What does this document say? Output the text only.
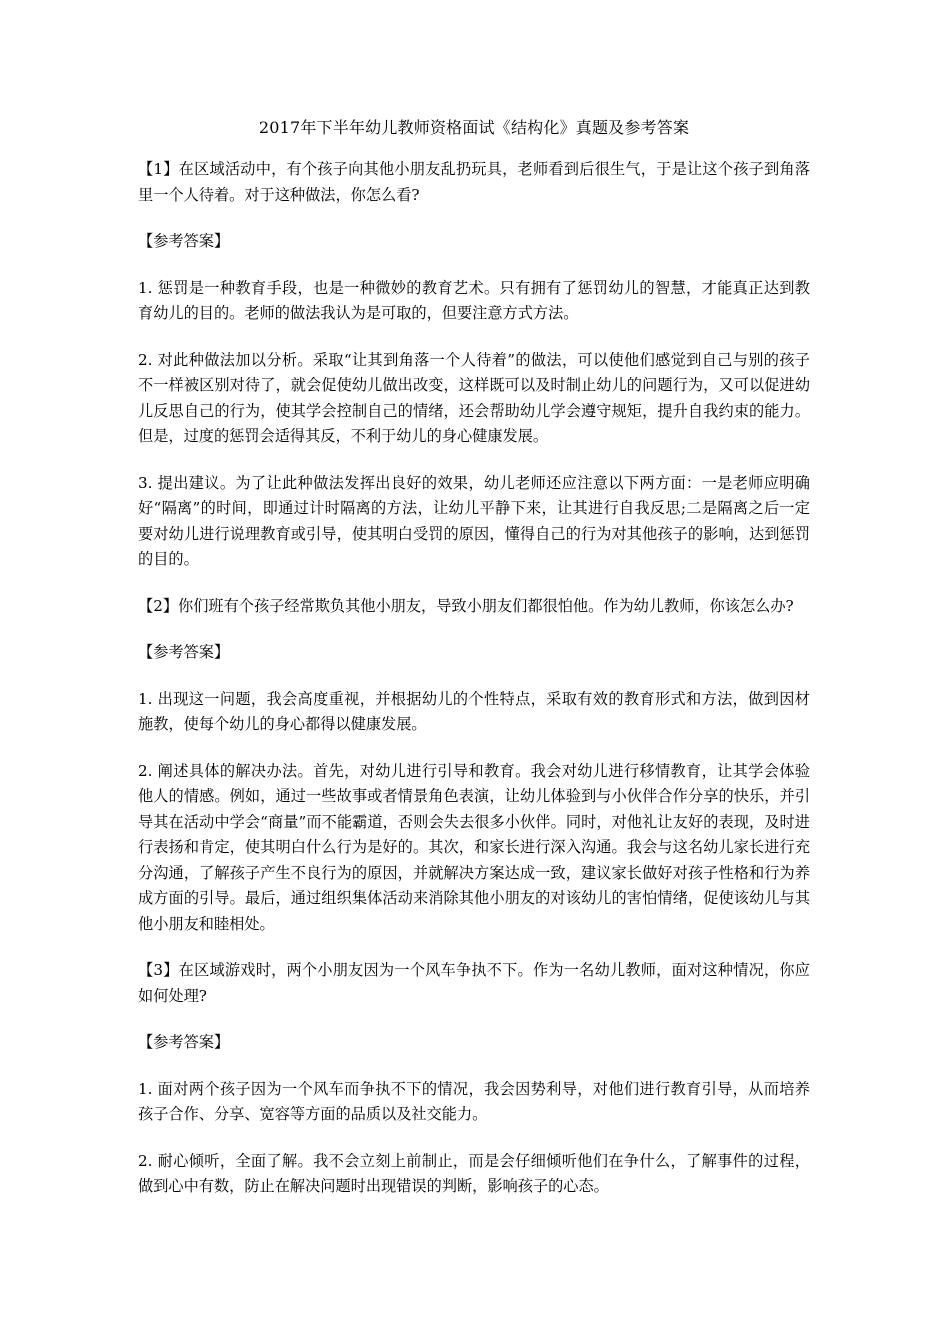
2017年下半年幼儿教师资格面试《结构化》真题及参考答案
【1】在区域活动中，有个孩子向其他小朋友乱扔玩具，老师看到后很生气，于是让这个孩子到角落里一个人待着。对于这种做法，你怎么看?
【参考答案】
1. 惩罚是一种教育手段，也是一种微妙的教育艺术。只有拥有了惩罚幼儿的智慧，才能真正达到教育幼儿的目的。老师的做法我认为是可取的，但要注意方式方法。
2. 对此种做法加以分析。采取“让其到角落一个人待着”的做法，可以使他们感觉到自己与别的孩子不一样被区别对待了，就会促使幼儿做出改变，这样既可以及时制止幼儿的问题行为，又可以促进幼儿反思自己的行为，使其学会控制自己的情绪，还会帮助幼儿学会遵守规矩，提升自我约束的能力。但是，过度的惩罚会适得其反，不利于幼儿的身心健康发展。
3. 提出建议。为了让此种做法发挥出良好的效果，幼儿老师还应注意以下两方面：一是老师应明确好“隔离”的时间，即通过计时隔离的方法，让幼儿平静下来，让其进行自我反思;二是隔离之后一定要对幼儿进行说理教育或引导，使其明白受罚的原因，懂得自己的行为对其他孩子的影响，达到惩罚的目的。
【2】你们班有个孩子经常欺负其他小朋友，导致小朋友们都很怕他。作为幼儿教师，你该怎么办?
【参考答案】
1. 出现这一问题，我会高度重视，并根据幼儿的个性特点，采取有效的教育形式和方法，做到因材施教，使每个幼儿的身心都得以健康发展。
2. 阐述具体的解决办法。首先，对幼儿进行引导和教育。我会对幼儿进行移情教育，让其学会体验他人的情感。例如，通过一些故事或者情景角色表演，让幼儿体验到与小伙伴合作分享的快乐，并引导其在活动中学会“商量”而不能霸道，否则会失去很多小伙伴。同时，对他礼让友好的表现，及时进行表扬和肯定，使其明白什么行为是好的。其次，和家长进行深入沟通。我会与这名幼儿家长进行充分沟通，了解孩子产生不良行为的原因，并就解决方案达成一致，建议家长做好对孩子性格和行为养成方面的引导。最后，通过组织集体活动来消除其他小朋友的对该幼儿的害怕情绪，促使该幼儿与其他小朋友和睦相处。
【3】在区域游戏时，两个小朋友因为一个风车争执不下。作为一名幼儿教师，面对这种情况，你应如何处理?
【参考答案】
1. 面对两个孩子因为一个风车而争执不下的情况，我会因势利导，对他们进行教育引导，从而培养孩子合作、分享、宽容等方面的品质以及社交能力。
2. 耐心倾听，全面了解。我不会立刻上前制止，而是会仔细倾听他们在争什么，了解事件的过程，做到心中有数，防止在解决问题时出现错误的判断，影响孩子的心态。
